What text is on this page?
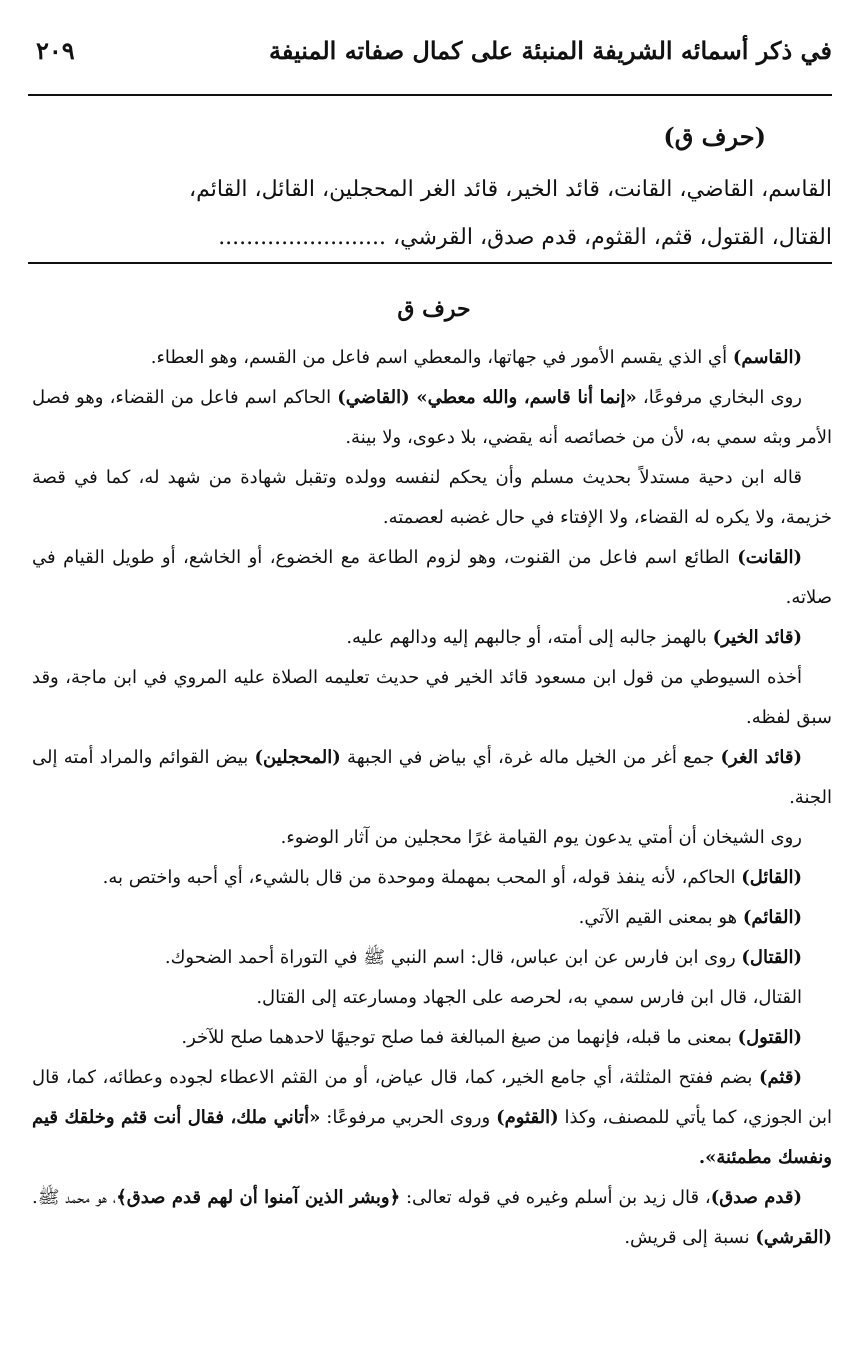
في ذكر أسمائه الشريفة المنبئة على كمال صفاته المنيفة
٢٠٩
(حرف ق)

القاسم، القاضي، القانت، قائد الخير، قائد الغر المحجلين، القائل، القائم،

القتال، القتول، قثم، القثوم، قدم صدق، القرشي، ........................

حرف ق

(القاسم) أي الذي يقسم الأمور في جهاتها، والمعطي اسم فاعل من القسم، وهو العطاء.

روى البخاري مرفوعًا، «إنما أنا قاسم، والله معطي» (القاضي) الحاكم اسم فاعل من القضاء، وهو فصل الأمر وبثه سمي به، لأن من خصائصه أنه يقضي، بلا دعوى، ولا بينة.

قاله ابن دحية مستدلاً بحديث مسلم وأن يحكم لنفسه وولده وتقبل شهادة من شهد له، كما في قصة خزيمة، ولا يكره له القضاء، ولا الإفتاء في حال غضبه لعصمته.

(القانت) الطائع اسم فاعل من القنوت، وهو لزوم الطاعة مع الخضوع، أو الخاشع، أو طويل القيام في صلاته.

(قائد الخير) بالهمز جالبه إلى أمته، أو جالبهم إليه ودالهم عليه.

أخذه السيوطي من قول ابن مسعود قائد الخير في حديث تعليمه الصلاة عليه المروي في ابن ماجة، وقد سبق لفظه.

(قائد الغر) جمع أغر من الخيل ماله غرة، أي بياض في الجبهة (المحجلين) بيض القوائم والمراد أمته إلى الجنة.

روى الشيخان أن أمتي يدعون يوم القيامة غرًا محجلين من آثار الوضوء.

(القائل) الحاكم، لأنه ينفذ قوله، أو المحب بمهملة وموحدة من قال بالشيء، أي أحبه واختص به.

(القائم) هو بمعنى القيم الآتي.

(القتال) روى ابن فارس عن ابن عباس، قال: اسم النبي ﷺ في التوراة أحمد الضحوك.

القتال، قال ابن فارس سمي به، لحرصه على الجهاد ومسارعته إلى القتال.

(القتول) بمعنى ما قبله، فإنهما من صيغ المبالغة فما صلح توجيهًا لاحدهما صلح للآخر.

(قثم) بضم ففتح المثلثة، أي جامع الخير، كما، قال عياض، أو من القثم الاعطاء لجوده وعطائه، كما، قال ابن الجوزي، كما يأتي للمصنف، وكذا (القثوم) وروى الحربي مرفوعًا: «أتاني ملك، فقال أنت قثم وخلقك قيم ونفسك مطمئنة».

(قدم صدق)، قال زيد بن أسلم وغيره في قوله تعالى: ﴿وبشر الذين آمنوا أن لهم قدم صدق﴾، هو محمد ﷺ. (القرشي) نسبة إلى قريش.
